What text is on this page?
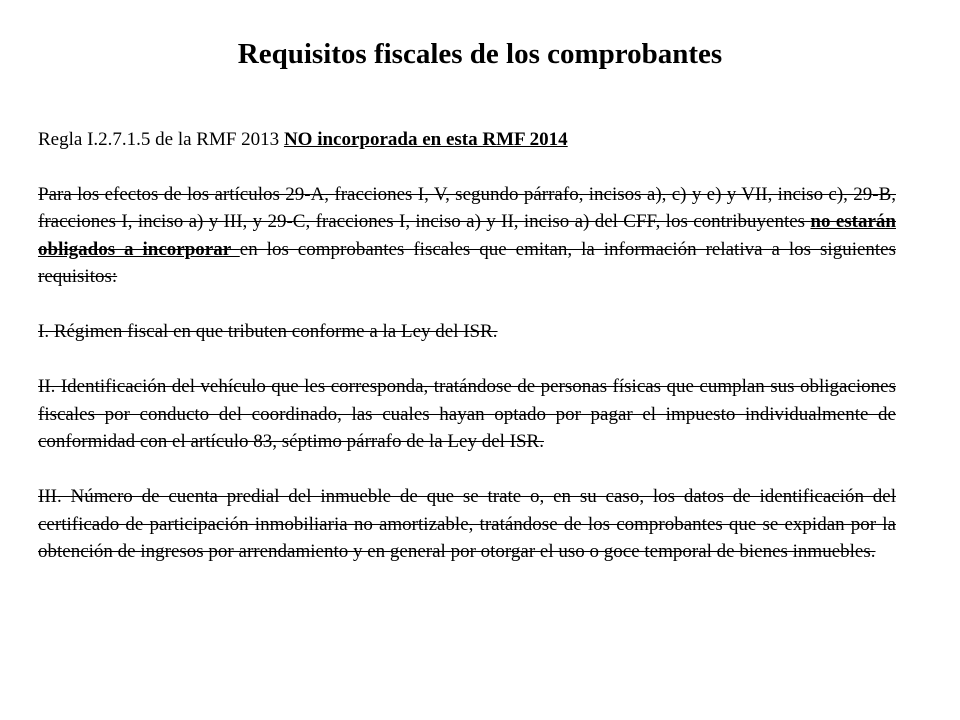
Requisitos fiscales de los comprobantes

Regla I.2.7.1.5 de la RMF 2013 NO incorporada en esta RMF 2014

Para los efectos de los artículos 29-A, fracciones I, V, segundo párrafo, incisos a), c) y e) y VII, inciso c), 29-B, fracciones I, inciso a) y III, y 29-C, fracciones I, inciso a) y II, inciso a) del CFF, los contribuyentes no estarán obligados a incorporar en los comprobantes fiscales que emitan, la información relativa a los siguientes requisitos:

I. Régimen fiscal en que tributen conforme a la Ley del ISR.

II. Identificación del vehículo que les corresponda, tratándose de personas físicas que cumplan sus obligaciones fiscales por conducto del coordinado, las cuales hayan optado por pagar el impuesto individualmente de conformidad con el artículo 83, séptimo párrafo de la Ley del ISR.

III. Número de cuenta predial del inmueble de que se trate o, en su caso, los datos de identificación del certificado de participación inmobiliaria no amortizable, tratándose de los comprobantes que se expidan por la obtención de ingresos por arrendamiento y en general por otorgar el uso o goce temporal de bienes inmuebles.
